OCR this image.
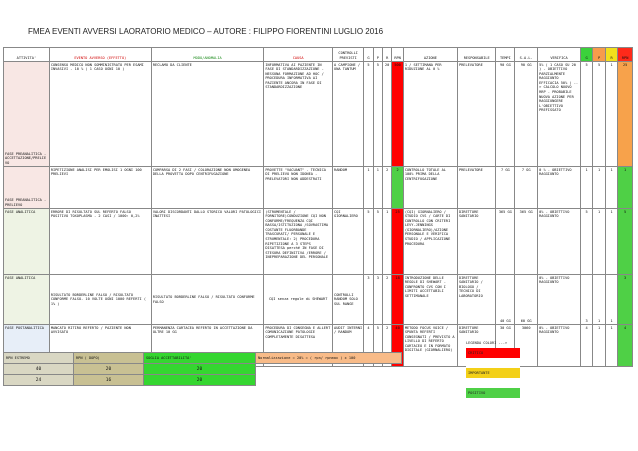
FMEA EVENTI AVVERSI LAORATORIO MEDICO – AUTORE : FILIPPO FIORENTINI LUGLIO 2016
ATTIVITA'	EVENTO AVVERSO (EFFETTO)	MODO/ANOMALIA	CAUSA	CONTROLLI PREVISTI	G	P	R	RPN	AZIONE	RESPONSABILE	TEMPI	S.A.L.	VERIFICA	G	P	R	RPN
FASE PREANALITICA - ACCETTAZIONE/PRELIEVO	CONSENSO MEDICO NON SOMMINISTRATO PER ESAMI INVASIVI - 10 % ( 1 CASO OGNI 10 )	RECLAMO DA CLIENTE	INFORMATIVA AI PAZIENTE IN FASE DI STANDARDIZZAZIONE - NESSUNA FORMAZIONE AD HOC / PROCEDURA INFORMATIVA AI PAZIENTE ANCORA IN FASE DI STANDARDIZZAZIONE	A CAMPIONE / UNA TANTUM	5	5	20	500	1 / SETTIMANA PER RIDUZIONE AL 0 %	PRELEVATORE	90 GG	90 GG	5% ( 1 CASO SU 20 ) - OBIETTIVO PARZIALMENTE RAGGIUNTO EFFICACIA 50% ) --> CALCOLO NUOVO RRP - PROBABILE NUOVA AZIONE PER RAGGIUNGERE L'OBIETTIVO PREFISSATO	5	5	1	25
FASE PREANALITICA - PRELIEVO	RIPETIZIONE ANALISI PER EMOLISI 1 OGNI 100 PRELIEVI	COMPARSA DI 2 FASI / COLORAZIONE NON OMOGENEA DELLA PROVETTA DOPO CENTRIFUGAZIONE	PROVETTE "VACUANT" - TECNICA DI PRELIEVO NON IDONEA - PRELEVATORI NON ADDESTRATI	RANDOM	1	1	2	2	CONTROLLO TOTALE AL 100% PRIMA DELLA CENTRIFUGAZIONE	PRELEVATORE	7 GG	7 GG	0 % - OBIETTIVO RAGGIUNTO	1	1	1	1
FASE ANALITICA	ERRORE DI RISULTATO SUL REFERTO FALSO POSITIVO TOXOPLASMA - 2 CASI / 1000: 0,2%	VALORI DISCORDANTI DALLO STORICO VALORI PATOLOGICI INATTESI	(STRUMENTALE / FORNITORE)CONDUZIONE CQI NON CONFORME/FREQUENZA CQI BASSA/ISTITUZIONA /SOVRASTIMA COSTANTE FLUORBANDE TRASCURATI/ PERSONALE E STRUMENTALE: 2) PROCEDURA RIPETIZIONE A 3 STEPS DISATTESA perché IN FASE DI STESURA DEFINITIVA /ERRORE / INEPREPARAZIONE DEL PERSONALE	CQI GIORNALIERO	5	5	1	25	(CQI) GIORNALIERO / STUDIO CVS / CARTE DI CONTROLLO CON CRITERI LEVY-JENNINGS (GIORNALIERO)/AZIONE PERSONALE E VERIFICA STUDIO / APPLICAZIONE PROCEDURA	DIRETTORE SANITARIO	365 GG	365 GG	0% - OBIETTIVO RAGGIUNTO	5	1	1	5
FASE ANALITICA	RISULTATO BORDERLINE FALSO / RISULTATO CONFORME FALSO- 10 VOLTE OGNI 1000 REFERTI ( 1% )	RISULTATO BORDERLINE FALSO / RISULTATO CONFORME FALSO	CQI senza regole di SHEWART	CONTROLLI RANDOM SOLO SUL RANGE	3	3	2	18	INTRODUZIONE DELLE REGOLE DI SHEWART - CONFRONTO CVS CON I LIMITI ACCETTABILI SETTIMANALE	DIRETTORE SANITARIO / BIOLOGO / TECNICO DI LABORATORIO	40 GG	60 GG	0% - OBIETTIVO RAGGIUNTO	3	1	1	3
FASE POSTANALITICA	MANCATO RITIRO REFERTO / PAZIENTE NON AVVISATO	PERMANENZA CARTACEA REFERTO IN ACCETTAZIONE DA OLTRE 10 GG	PROCEDURA DI CONSEGNA E ALLERT COMUNICAZIONE PATOLOGIE COMPLETAMENTE DISATTESA	AUDIT INTERNI / RANDOM	4	5	2	40	METODO FOCUS VOICE / SPUNTA REFERTI CONSEGNATI / PREVISTO A LIVELLO DI REFERTO CARTACEO E IN FORMATO DIGITALE (GIORNALIERO)	DIRETTORE SANITARIO	30 GG	3060	0% - OBIETTIVO RAGGIUNTO	4	1	1	4
RPN ESTREMO	RPN ( DOPO)	SOGLIA ACCETTABILITA'	Normalizzazione = 20% = ( rpn/ rpnmax ) x 100
40	20	20	
24	16	20	
LEGENDA COLORI --->
CRITICO
IMPORTANTE
POSITIVO
